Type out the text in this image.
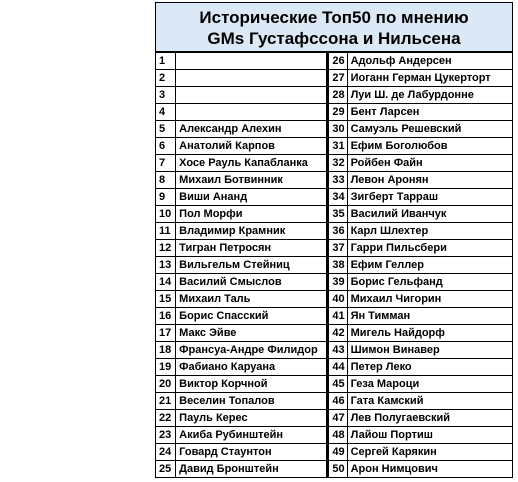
Исторические Топ50 по мнению
GMs Густафссона и Нильсена
1		26	Адольф Андерсен
2		27	Иоганн Герман Цукерторт
3		28	Луи Ш. де Лабурдонне
4		29	Бент Ларсен
5	Александр Алехин	30	Самуэль Решевский
6	Анатолий Карпов	31	Ефим Боголюбов
7	Хосе Рауль Капабланка	32	Ройбен Файн
8	Михаил Ботвинник	33	Левон Аронян
9	Виши Ананд	34	Зигберт Тарраш
10	Пол Морфи	35	Василий Иванчук
11	Владимир Крамник	36	Карл Шлехтер
12	Тигран Петросян	37	Гарри Пильсбери
13	Вильгельм Стейниц	38	Ефим Геллер
14	Василий Смыслов	39	Борис Гельфанд
15	Михаил Таль	40	Михаил Чигорин
16	Борис Спасский	41	Ян Тимман
17	Макс Эйве	42	Мигель Найдорф
18	Франсуа-Андре Филидор	43	Шимон Винавер
19	Фабиано Каруана	44	Петер Леко
20	Виктор Корчной	45	Геза Мароци
21	Веселин Топалов	46	Гата Камский
22	Пауль Керес	47	Лев Полугаевский
23	Акиба Рубинштейн	48	Лайош Портиш
24	Говард Стаунтон	49	Сергей Карякин
25	Давид Бронштейн	50	Арон Нимцович
